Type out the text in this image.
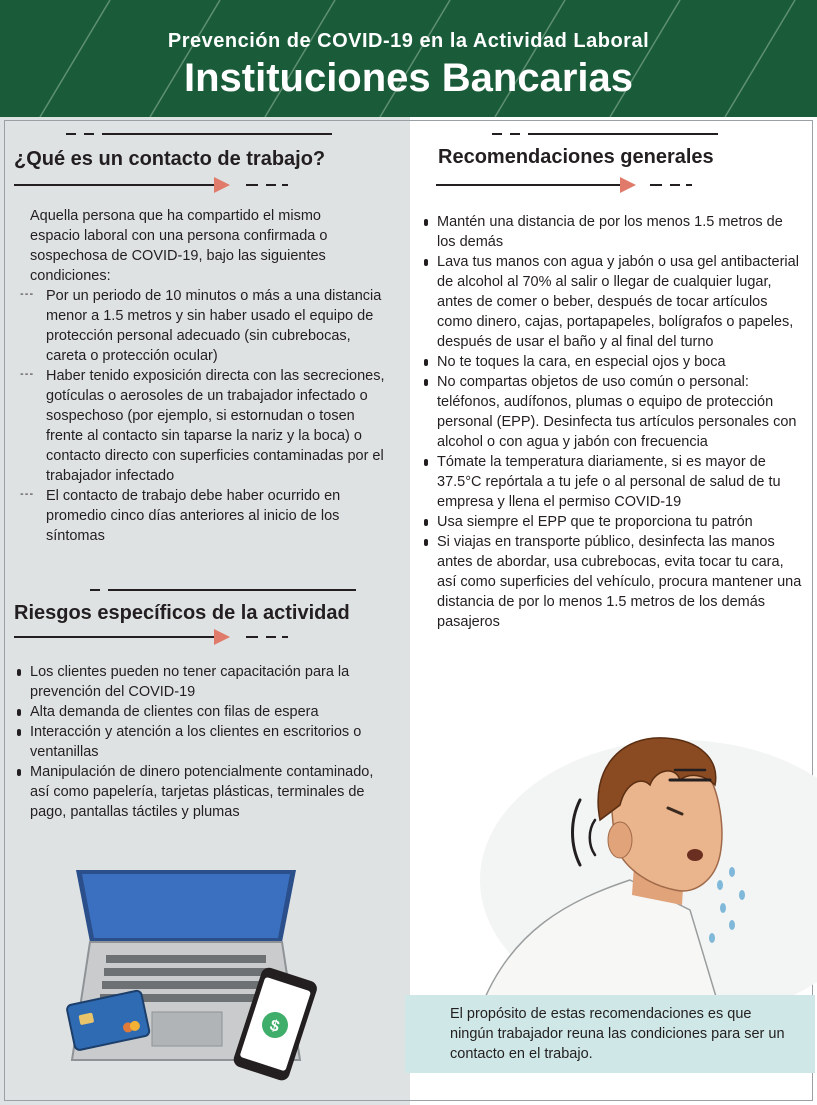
Prevención de COVID-19 en la Actividad Laboral
Instituciones Bancarias
¿Qué es un contacto de trabajo?
Aquella persona que ha compartido el mismo espacio laboral con una persona confirmada o sospechosa de COVID-19, bajo las siguientes condiciones:
- - - Por un periodo de 10 minutos o más a una distancia menor a 1.5 metros y sin haber usado el equipo de protección personal adecuado (sin cubrebocas, careta o protección ocular)
- - - Haber tenido exposición directa con las secreciones, gotículas o aerosoles de un trabajador infectado o sospechoso (por ejemplo, si estornudan o tosen frente al contacto sin taparse la nariz y la boca) o contacto directo con superficies contaminadas por el trabajador infectado
- - - El contacto de trabajo debe haber ocurrido en promedio cinco días anteriores al inicio de los síntomas
Riesgos específicos de la actividad
Los clientes pueden no tener capacitación para la prevención del COVID-19
Alta demanda de clientes con filas de espera
Interacción y atención a los clientes en escritorios o ventanillas
Manipulación de dinero potencialmente contaminado, así como papelería, tarjetas plásticas, terminales de pago, pantallas táctiles y plumas
$
Recomendaciones generales
Mantén una distancia de por los menos 1.5 metros de los demás
Lava tus manos con agua y jabón o usa gel antibacterial de alcohol al 70% al salir o llegar de cualquier lugar, antes de comer o beber, después de tocar artículos como dinero, cajas, portapapeles, bolígrafos o papeles, después de usar el baño y al final del turno
No te toques la cara, en especial ojos y boca
No compartas objetos de uso común o personal: teléfonos, audífonos, plumas o equipo de protección personal (EPP). Desinfecta tus artículos personales con alcohol o con agua y jabón con frecuencia
Tómate la temperatura diariamente, si es mayor de 37.5°C repórtala a tu jefe o al personal de salud de tu empresa y llena el permiso COVID-19
Usa siempre el EPP que te proporciona tu patrón
Si viajas en transporte público, desinfecta las manos antes de abordar, usa cubrebocas, evita tocar tu cara, así como superficies del vehículo, procura mantener una distancia de por lo menos 1.5 metros de los demás pasajeros
El propósito de estas recomendaciones es que ningún trabajador reuna las condiciones para ser un contacto en el trabajo.
